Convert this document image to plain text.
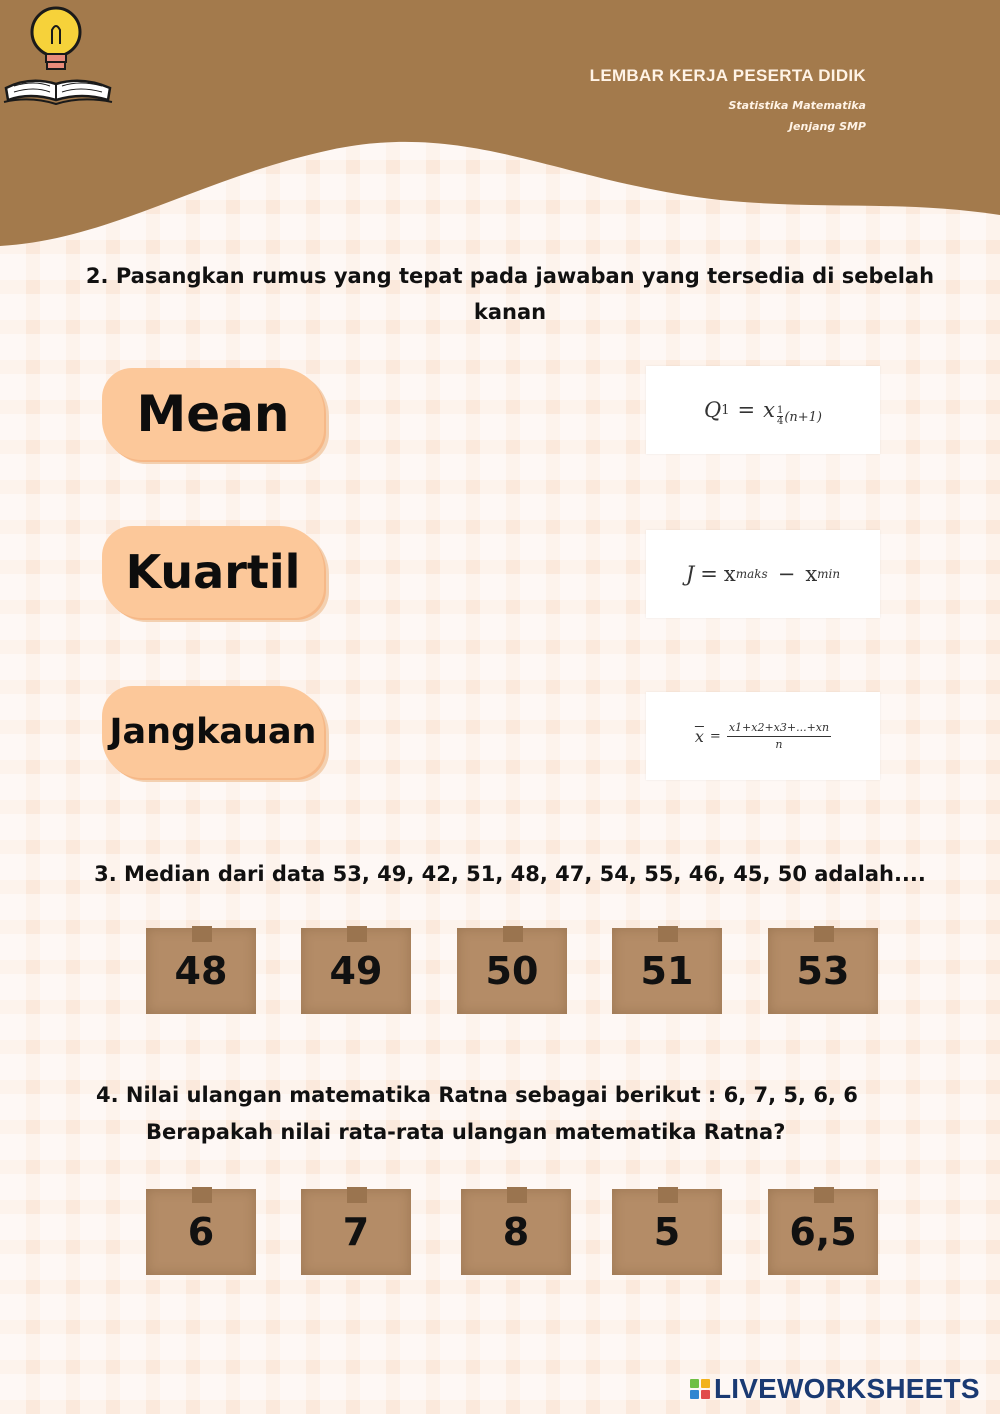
LEMBAR KERJA PESERTA DIDIK
Statistika Matematika
Jenjang SMP
2. Pasangkan rumus yang tepat pada jawaban yang tersedia di sebelah kanan
Mean
Kuartil
Jangkauan
Q 1 = x $\frac{1}{4} (n+1)$
J = x maks − x min
$\overline{x} = \frac{x1+x2+x3+...+xn}{n}$
3. Median dari data 53, 49, 42, 51, 48, 47, 54, 55, 46, 45, 50 adalah....
48	49	50	51	53
4. Nilai ulangan matematika Ratna sebagai berikut : 6, 7, 5, 6, 6
Berapakah nilai rata-rata ulangan matematika Ratna?
6	7	8	5	6,5
LIVEWORKSHEETS
